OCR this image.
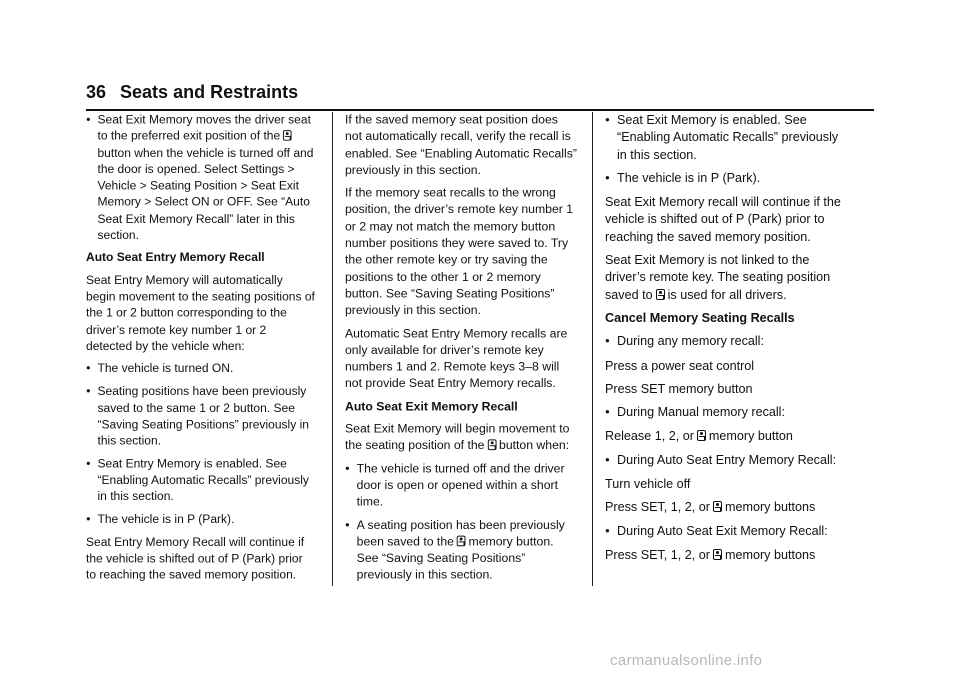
36 Seats and Restraints
●
Seat Exit Memory moves the driver seat to the preferred exit position of thebutton when the vehicle is turned off and the door is opened. Select Settings > Vehicle > Seating Position > Seat Exit Memory > Select ON or OFF. See “Auto Seat Exit Memory Recall” later in this section.

Auto Seat Entry Memory Recall

Seat Entry Memory will automatically begin movement to the seating positions of the 1 or 2 button corresponding to the driver’s remote key number 1 or 2 detected by the vehicle when:

●
The vehicle is turned ON.
●
Seating positions have been previously saved to the same 1 or 2 button. See “Saving Seating Positions” previously in this section.
●
Seat Entry Memory is enabled. See “Enabling Automatic Recalls” previously in this section.
●
The vehicle is in P (Park).

Seat Entry Memory Recall will continue if the vehicle is shifted out of P (Park) prior to reaching the saved memory position.

If the saved memory seat position does not automatically recall, verify the recall is enabled. See “Enabling Automatic Recalls” previously in this section.

If the memory seat recalls to the wrong position, the driver’s remote key number 1 or 2 may not match the memory button number positions they were saved to. Try the other remote key or try saving the positions to the other 1 or 2 memory button. See “Saving Seating Positions” previously in this section.

Automatic Seat Entry Memory recalls are only available for driver’s remote key numbers 1 and 2. Remote keys 3–8 will not provide Seat Entry Memory recalls.

Auto Seat Exit Memory Recall

Seat Exit Memory will begin movement to the seating position of the button when:

●
The vehicle is turned off and the driver door is open or opened within a short time.
●
A seating position has been previously been saved to the memory button. See “Saving Seating Positions” previously in this section.
●
Seat Exit Memory is enabled. See “Enabling Automatic Recalls” previously in this section.
●
The vehicle is in P (Park).

Seat Exit Memory recall will continue if the vehicle is shifted out of P (Park) prior to reaching the saved memory position.

Seat Exit Memory is not linked to the driver’s remote key. The seating position saved to is used for all drivers.

Cancel Memory Seating Recalls

●
During any memory recall:

Press a power seat control

Press SET memory button

●
During Manual memory recall:

Release 1, 2, or memory button

●
During Auto Seat Entry Memory Recall:

Turn vehicle off

Press SET, 1, 2, or memory buttons

●
During Auto Seat Exit Memory Recall:

Press SET, 1, 2, or memory buttons

carmanualsonline.info
